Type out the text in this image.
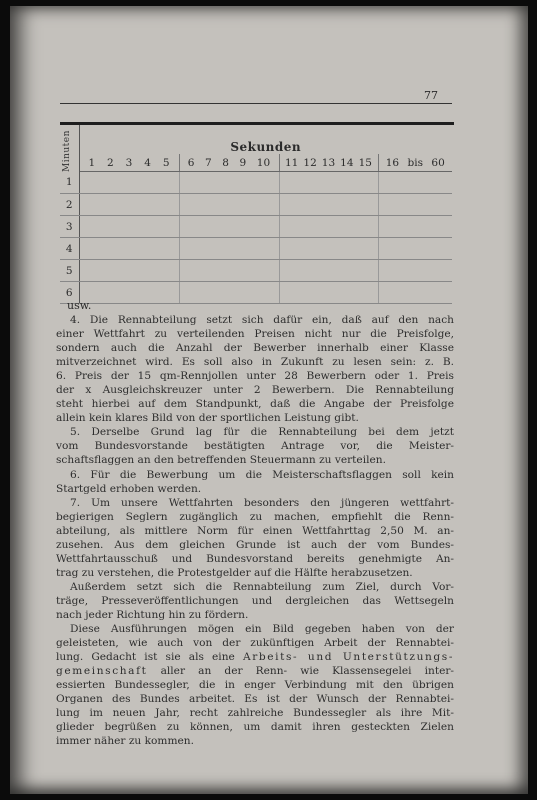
77
Minuten	Sekunden			

	1 2 3 4 5	6 7 8 9 10	11 12 13 14 15	16 bis 60

1				
2				
3				
4				
5				
6				
usw.

4. Die Rennabteilung setzt sich dafür ein, daß auf den nach

einer Wettfahrt zu verteilenden Preisen nicht nur die Preisfolge,

sondern auch die Anzahl der Bewerber innerhalb einer Klasse

mitverzeichnet wird. Es soll also in Zukunft zu lesen sein: z. B.

6. Preis der 15 qm-Rennjollen unter 28 Bewerbern oder 1. Preis

der x Ausgleichskreuzer unter 2 Bewerbern. Die Rennabteilung

steht hierbei auf dem Standpunkt, daß die Angabe der Preisfolge

allein kein klares Bild von der sportlichen Leistung gibt.

5. Derselbe Grund lag für die Rennabteilung bei dem jetzt

vom Bundesvorstande bestätigten Antrage vor, die Meister-

schaftsflaggen an den betreffenden Steuermann zu verteilen.

6. Für die Bewerbung um die Meisterschaftsflaggen soll kein

Startgeld erhoben werden.

7. Um unsere Wettfahrten besonders den jüngeren wettfahrt-

begierigen Seglern zugänglich zu machen, empfiehlt die Renn-

abteilung, als mittlere Norm für einen Wettfahrttag 2,50 M. an-

zusehen. Aus dem gleichen Grunde ist auch der vom Bundes-

Wettfahrtausschuß und Bundesvorstand bereits genehmigte An-

trag zu verstehen, die Protestgelder auf die Hälfte herabzusetzen.

Außerdem setzt sich die Rennabteilung zum Ziel, durch Vor-

träge, Presseveröffentlichungen und dergleichen das Wettsegeln

nach jeder Richtung hin zu fördern.

Diese Ausführungen mögen ein Bild gegeben haben von der

geleisteten, wie auch von der zukünftigen Arbeit der Rennabtei-

lung. Gedacht ist sie als eine Arbeits- und Unterstützungs-

gemeinschaft aller an der Renn- wie Klassensegelei inter-

essierten Bundessegler, die in enger Verbindung mit den übrigen

Organen des Bundes arbeitet. Es ist der Wunsch der Rennabtei-

lung im neuen Jahr, recht zahlreiche Bundessegler als ihre Mit-

glieder begrüßen zu können, um damit ihren gesteckten Zielen

immer näher zu kommen.
